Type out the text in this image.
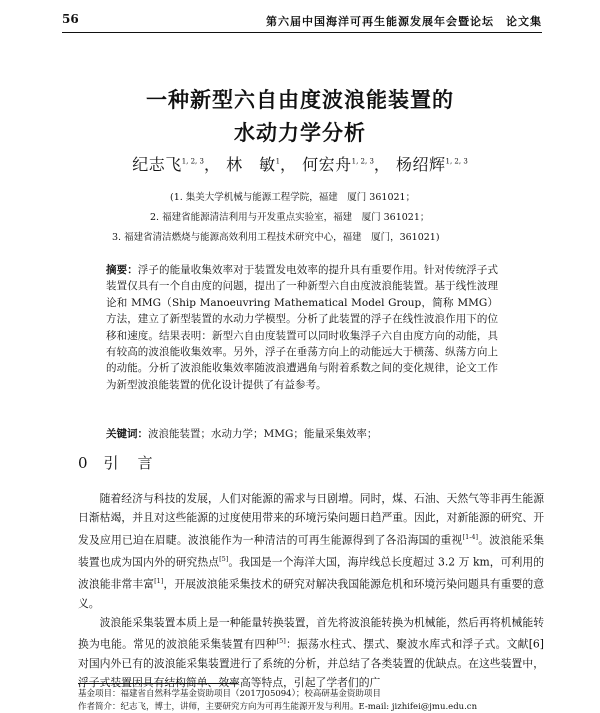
56	第六届中国海洋可再生能源发展年会暨论坛　论文集
一种新型六自由度波浪能装置的
水动力学分析
纪志飞$^{1, 2, 3}$， 林　敏$^1$， 何宏舟$^{1, 2, 3}$， 杨绍辉$^{1, 2, 3}$
(1. 集美大学机械与能源工程学院，福建　厦门 361021；
2. 福建省能源清洁利用与开发重点实验室，福建　厦门 361021；
3. 福建省清洁燃烧与能源高效利用工程技术研究中心，福建　厦门，361021)
摘要：浮子的能量收集效率对于装置发电效率的提升具有重要作用。针对传统浮子式装置仅具有一个自由度的问题，提出了一种新型六自由度波浪能装置。基于线性波理论和 MMG（Ship Manoeuvring Mathematical Model Group，简称 MMG）方法，建立了新型装置的水动力学模型。分析了此装置的浮子在线性波浪作用下的位移和速度。结果表明：新型六自由度装置可以同时收集浮子六自由度方向的动能，具有较高的波浪能收集效率。另外，浮子在垂荡方向上的动能远大于横荡、纵荡方向上的动能。分析了波浪能收集效率随波浪遭遇角与附着系数之间的变化规律，论文工作为新型波浪能装置的优化设计提供了有益参考。
关键词：波浪能装置；水动力学；MMG；能量采集效率；
0 引　言

随着经济与科技的发展，人们对能源的需求与日剧增。同时，煤、石油、天然气等非再生能源日渐枯竭，并且对这些能源的过度使用带来的环境污染问题日趋严重。因此，对新能源的研究、开发及应用已迫在眉睫。波浪能作为一种清洁的可再生能源得到了各沿海国的重视[1-4]。波浪能采集装置也成为国内外的研究热点[5]。我国是一个海洋大国，海岸线总长度超过 3.2 万 km，可利用的波浪能非常丰富[1]，开展波浪能采集技术的研究对解决我国能源危机和环境污染问题具有重要的意义。

波浪能采集装置本质上是一种能量转换装置，首先将波浪能转换为机械能，然后再将机械能转换为电能。常见的波浪能采集装置有四种[5]：振荡水柱式、摆式、聚波水库式和浮子式。文献[6]对国内外已有的波浪能采集装置进行了系统的分析，并总结了各类装置的优缺点。在这些装置中，浮子式装置因具有结构简单、效率高等特点，引起了学者们的广

基金项目：福建省自然科学基金资助项目（2017J05094）；校高研基金资助项目
作者简介：纪志飞，博士，讲师，主要研究方向为可再生能源开发与利用。E-mail: jizhifei@jmu.edu.cn
